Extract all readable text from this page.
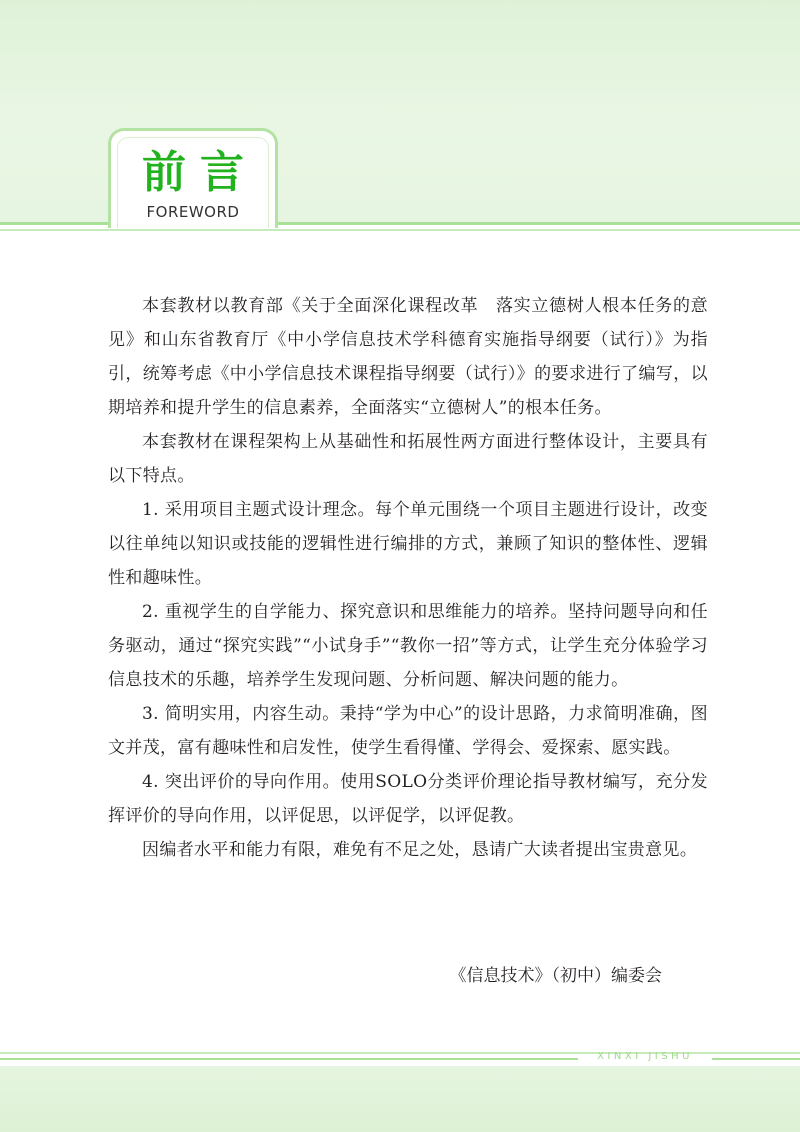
前言
FOREWORD

本套教材以教育部《关于全面深化课程改革　落实立德树人根本任务的意见》和山东省教育厅《中小学信息技术学科德育实施指导纲要（试行）》为指引，统筹考虑《中小学信息技术课程指导纲要（试行）》的要求进行了编写，以期培养和提升学生的信息素养，全面落实“立德树人”的根本任务。

本套教材在课程架构上从基础性和拓展性两方面进行整体设计，主要具有以下特点。

1. 采用项目主题式设计理念。每个单元围绕一个项目主题进行设计，改变以往单纯以知识或技能的逻辑性进行编排的方式，兼顾了知识的整体性、逻辑性和趣味性。

2. 重视学生的自学能力、探究意识和思维能力的培养。坚持问题导向和任务驱动，通过“探究实践”“小试身手”“教你一招”等方式，让学生充分体验学习信息技术的乐趣，培养学生发现问题、分析问题、解决问题的能力。

3. 简明实用，内容生动。秉持“学为中心”的设计思路，力求简明准确，图文并茂，富有趣味性和启发性，使学生看得懂、学得会、爱探索、愿实践。

4. 突出评价的导向作用。使用SOLO分类评价理论指导教材编写，充分发挥评价的导向作用，以评促思，以评促学，以评促教。

因编者水平和能力有限，难免有不足之处，恳请广大读者提出宝贵意见。

《信息技术》（初中）编委会
XINXI JISHU
